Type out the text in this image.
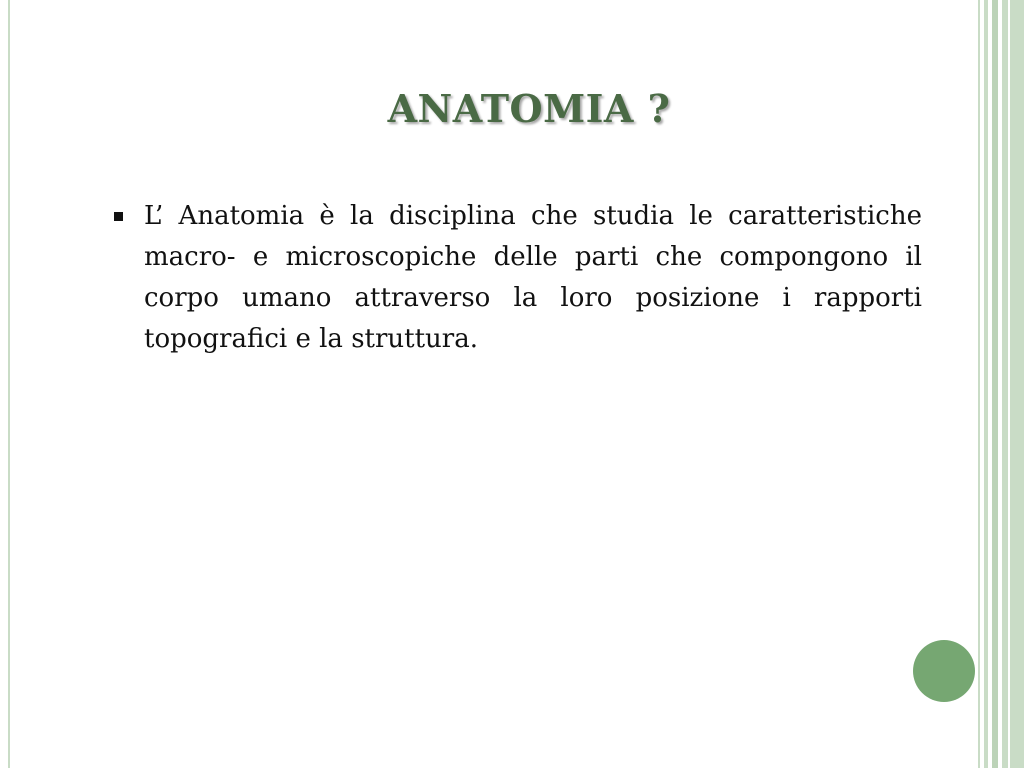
ANATOMIA ?
L’ Anatomia è la disciplina che studia le caratteristiche macro- e microscopiche delle parti che compongono il corpo umano attraverso la loro posizione i rapporti topografici e la struttura.
